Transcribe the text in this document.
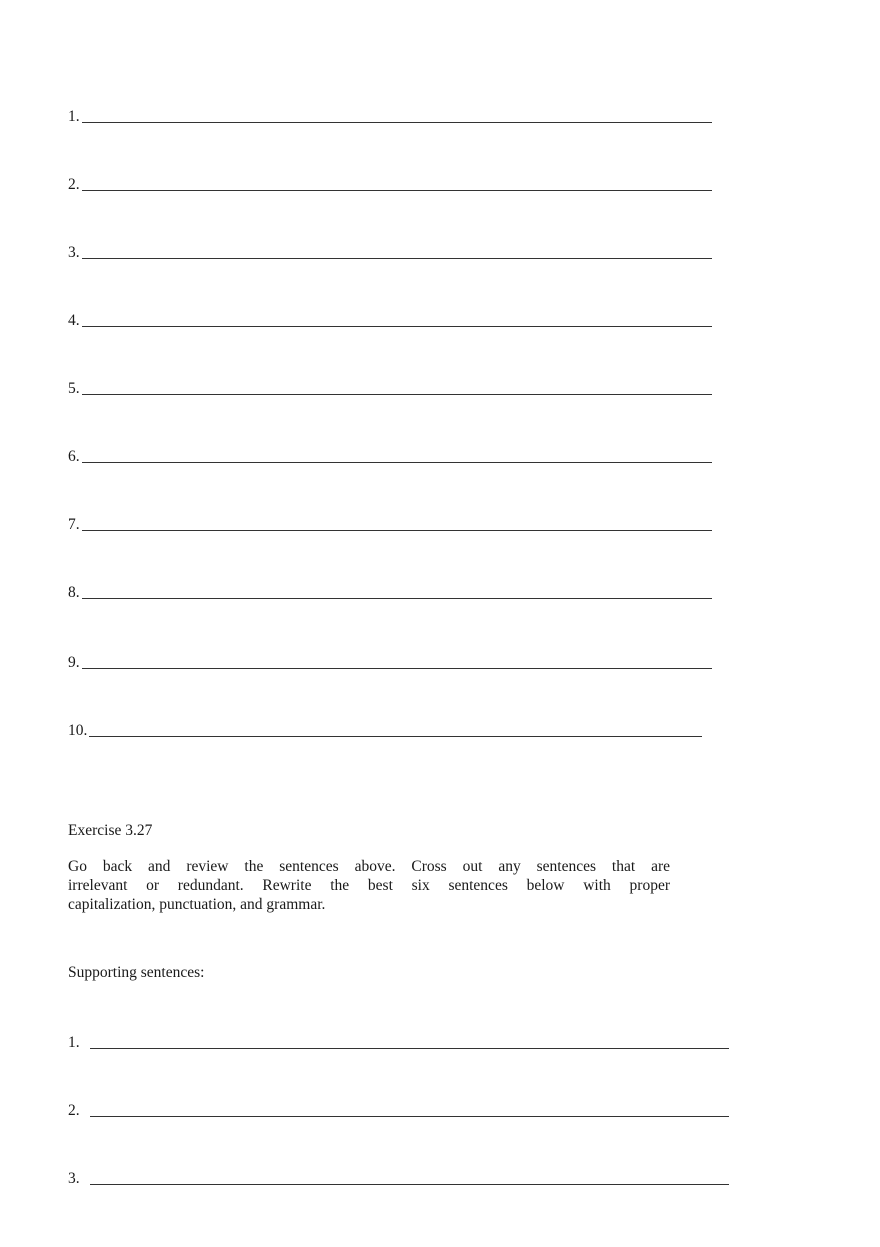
1.
2.
3.
4.
5.
6.
7.
8.
9.
10.
Exercise 3.27
Go back and review the sentences above. Cross out any sentences that are
irrelevant or redundant. Rewrite the best six sentences below with proper
capitalization, punctuation, and grammar.
Supporting sentences:
1.
2.
3.
